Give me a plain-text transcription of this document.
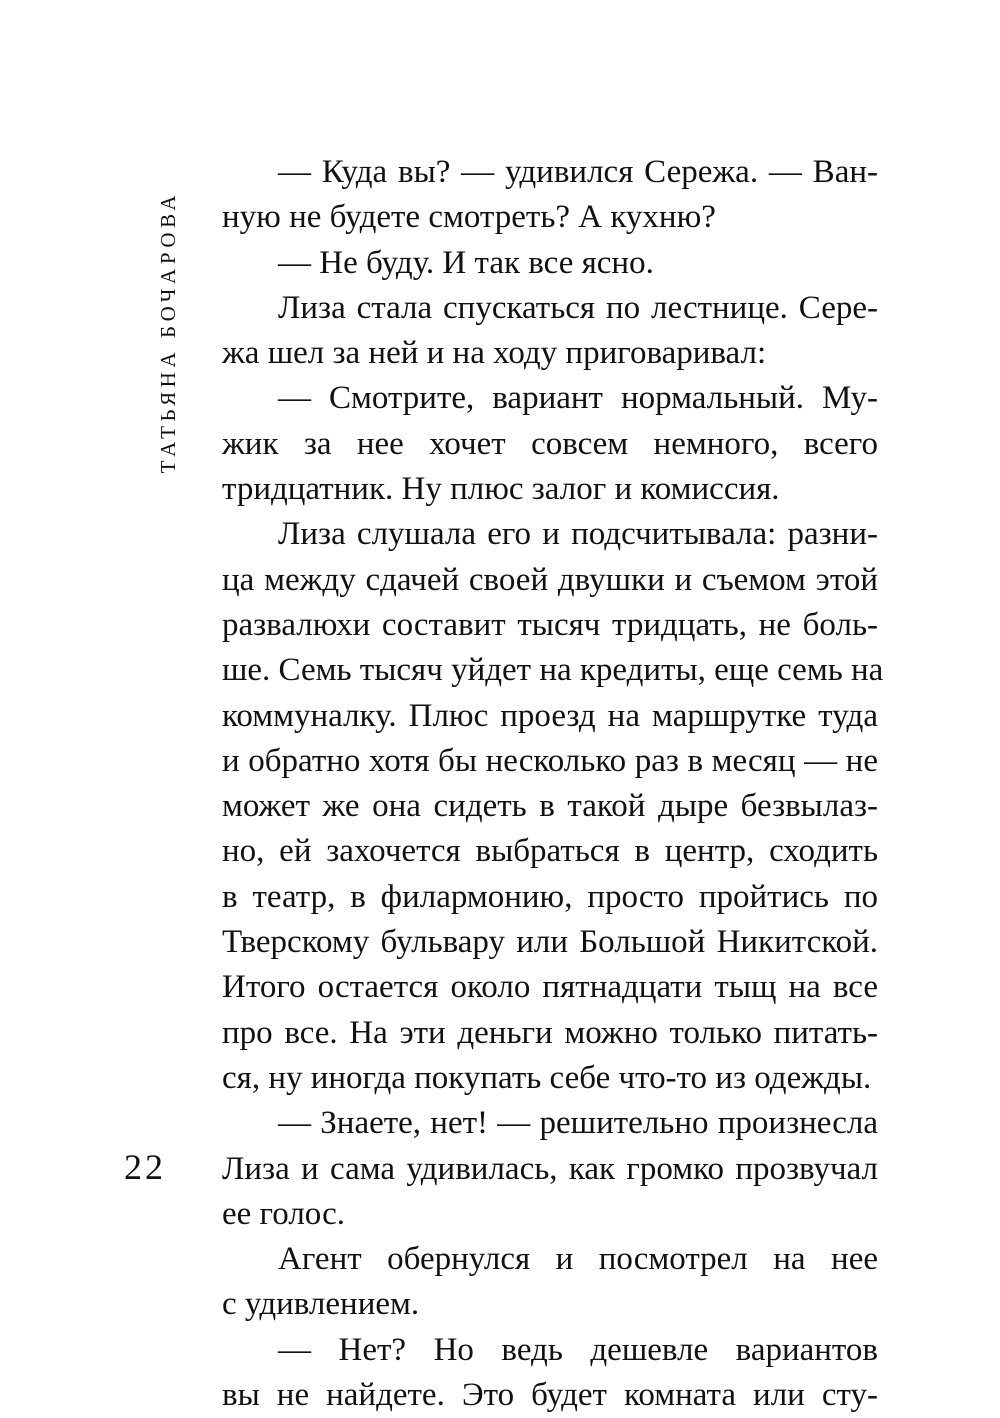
ТАТЬЯНА БОЧАРОВА
22
— Куда вы? — удивился Сережа. — Ван-
ную не будете смотреть? А кухню?
— Не буду. И так все ясно.
Лиза стала спускаться по лестнице. Сере-
жа шел за ней и на ходу приговаривал:
— Смотрите, вариант нормальный. Му-
жик за нее хочет совсем немного, всего
тридцатник. Ну плюс залог и комиссия.
Лиза слушала его и подсчитывала: разни-
ца между сдачей своей двушки и съемом этой
развалюхи составит тысяч тридцать, не боль-
ше. Семь тысяч уйдет на кредиты, еще семь на
коммуналку. Плюс проезд на маршрутке туда
и обратно хотя бы несколько раз в месяц — не
может же она сидеть в такой дыре безвылаз-
но, ей захочется выбраться в центр, сходить
в театр, в филармонию, просто пройтись по
Тверскому бульвару или Большой Никитской.
Итого остается около пятнадцати тыщ на все
про все. На эти деньги можно только питать-
ся, ну иногда покупать себе что-то из одежды.
— Знаете, нет! — решительно произнесла
Лиза и сама удивилась, как громко прозвучал
ее голос.
Агент обернулся и посмотрел на нее
с удивлением.
— Нет? Но ведь дешевле вариантов
вы не найдете. Это будет комната или сту-
